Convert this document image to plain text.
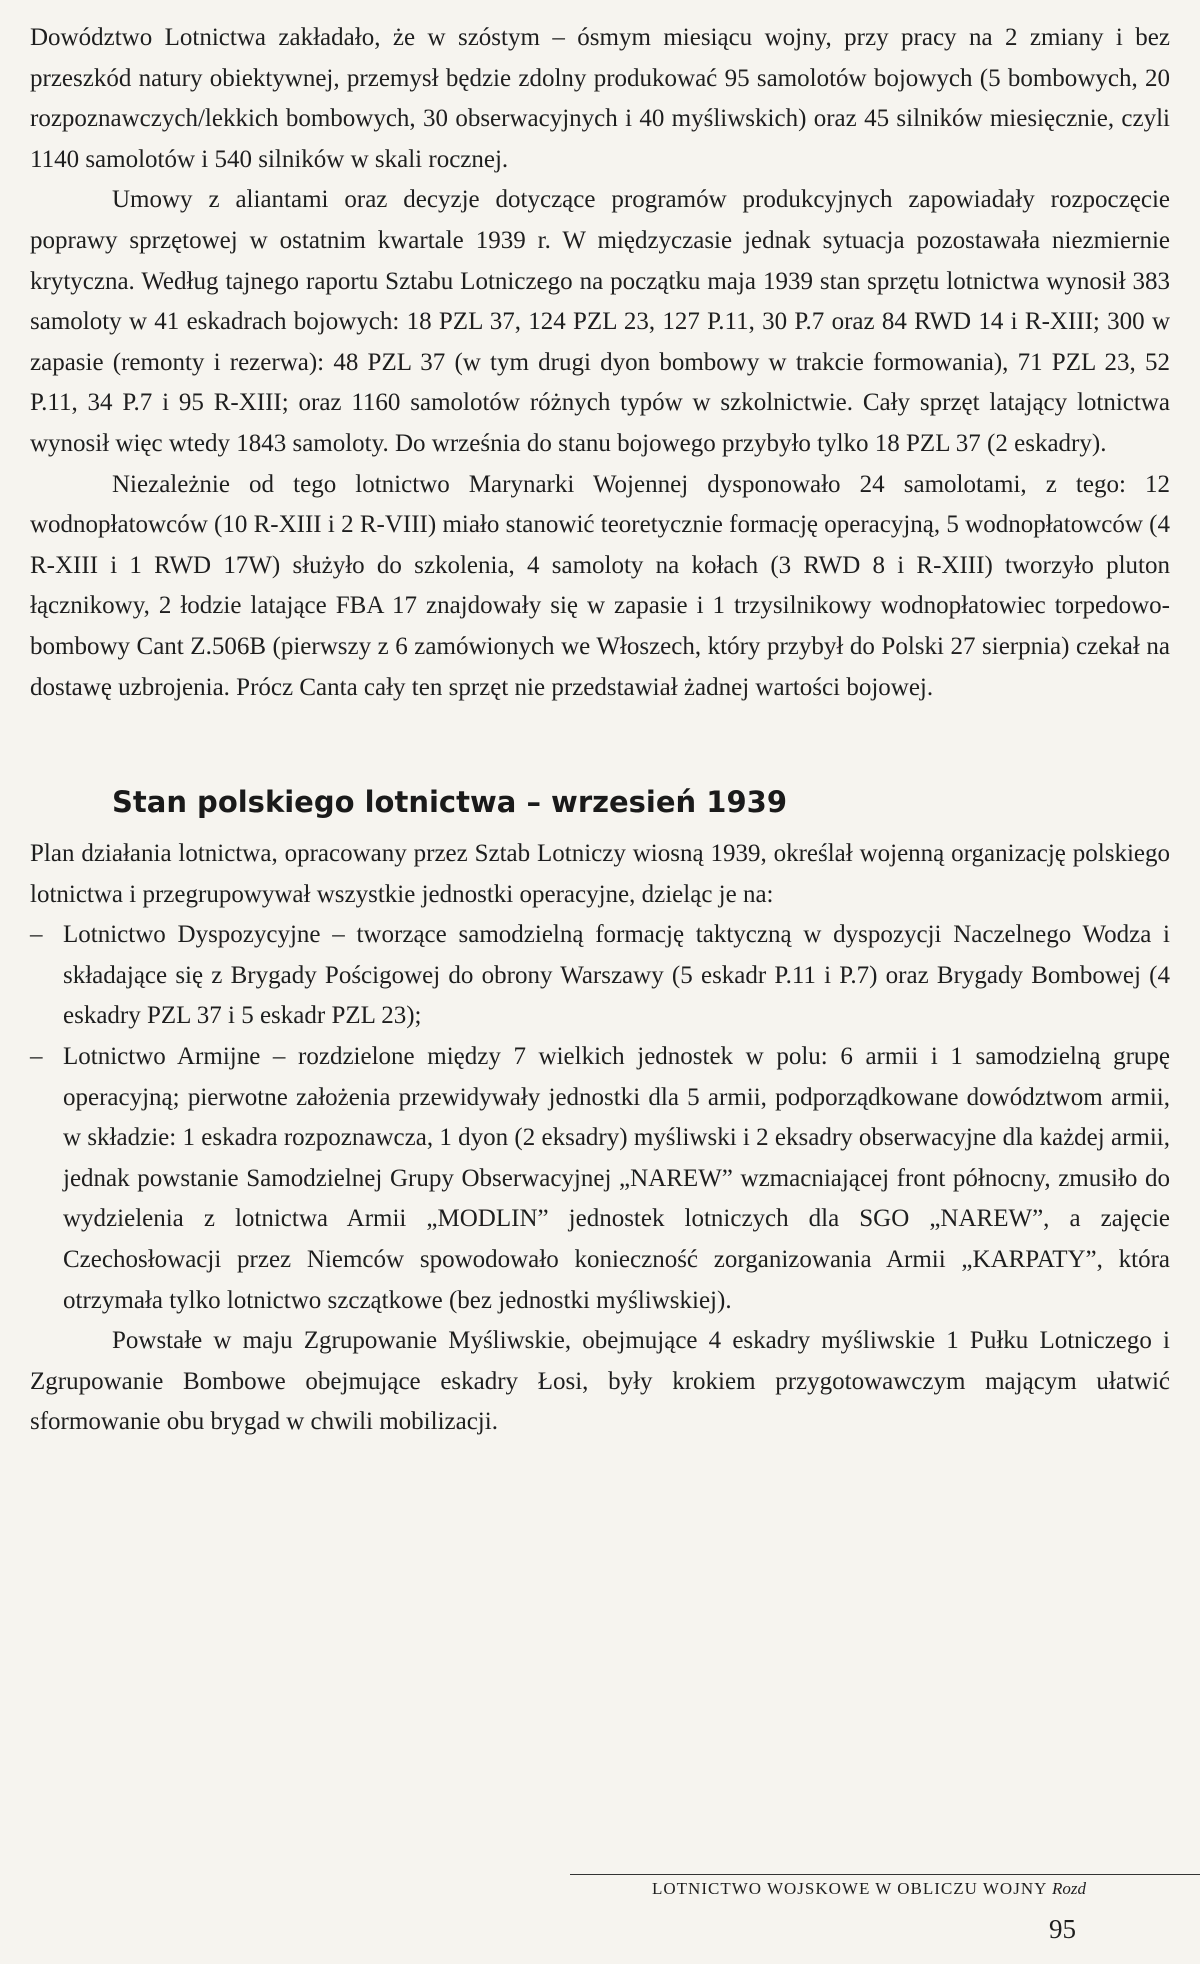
Dowództwo Lotnictwa zakładało, że w szóstym – ósmym miesiącu wojny, przy pracy na 2 zmiany i bez przeszkód natury obiektywnej, przemysł będzie zdolny produkować 95 samolotów bojowych (5 bombowych, 20 rozpoznawczych/lekkich bombowych, 30 obserwacyjnych i 40 myśliwskich) oraz 45 silników miesięcznie, czyli 1140 samolotów i 540 silników w skali rocznej.

Umowy z aliantami oraz decyzje dotyczące programów produkcyjnych zapowiadały rozpoczęcie poprawy sprzętowej w ostatnim kwartale 1939 r. W międzyczasie jednak sytuacja pozostawała niezmiernie krytyczna. Według tajnego raportu Sztabu Lotniczego na początku maja 1939 stan sprzętu lotnictwa wynosił 383 samoloty w 41 eskadrach bojowych: 18 PZL 37, 124 PZL 23, 127 P.11, 30 P.7 oraz 84 RWD 14 i R-XIII; 300 w zapasie (remonty i rezerwa): 48 PZL 37 (w tym drugi dyon bombowy w trakcie formowania), 71 PZL 23, 52 P.11, 34 P.7 i 95 R-XIII; oraz 1160 samolotów różnych typów w szkolnictwie. Cały sprzęt latający lotnictwa wynosił więc wtedy 1843 samoloty. Do września do stanu bojowego przybyło tylko 18 PZL 37 (2 eskadry).

Niezależnie od tego lotnictwo Marynarki Wojennej dysponowało 24 samolotami, z tego: 12 wodnopłatowców (10 R-XIII i 2 R-VIII) miało stanowić teoretycznie formację operacyjną, 5 wodnopłatowców (4 R-XIII i 1 RWD 17W) służyło do szkolenia, 4 samoloty na kołach (3 RWD 8 i R-XIII) tworzyło pluton łącznikowy, 2 łodzie latające FBA 17 znajdowały się w zapasie i 1 trzysilnikowy wodnopłatowiec torpedowo-bombowy Cant Z.506B (pierwszy z 6 zamówionych we Włoszech, który przybył do Polski 27 sierpnia) czekał na dostawę uzbrojenia. Prócz Canta cały ten sprzęt nie przedstawiał żadnej wartości bojowej.

Stan polskiego lotnictwa – wrzesień 1939

Plan działania lotnictwa, opracowany przez Sztab Lotniczy wiosną 1939, określał wojenną organizację polskiego lotnictwa i przegrupowywał wszystkie jednostki operacyjne, dzieląc je na:

– Lotnictwo Dyspozycyjne – tworzące samodzielną formację taktyczną w dyspozycji Naczelnego Wodza i składające się z Brygady Pościgowej do obrony Warszawy (5 eskadr P.11 i P.7) oraz Brygady Bombowej (4 eskadry PZL 37 i 5 eskadr PZL 23);
– Lotnictwo Armijne – rozdzielone między 7 wielkich jednostek w polu: 6 armii i 1 samodzielną grupę operacyjną; pierwotne założenia przewidywały jednostki dla 5 armii, podporządkowane dowództwom armii, w składzie: 1 eskadra rozpoznawcza, 1 dyon (2 eksadry) myśliwski i 2 eksadry obserwacyjne dla każdej armii, jednak powstanie Samodzielnej Grupy Obserwacyjnej „NAREW” wzmacniającej front północny, zmusiło do wydzielenia z lotnictwa Armii „MODLIN” jednostek lotniczych dla SGO „NAREW”, a zajęcie Czechosłowacji przez Niemców spowodowało konieczność zorganizowania Armii „KARPATY”, która otrzymała tylko lotnictwo szczątkowe (bez jednostki myśliwskiej).

Powstałe w maju Zgrupowanie Myśliwskie, obejmujące 4 eskadry myśliwskie 1 Pułku Lotniczego i Zgrupowanie Bombowe obejmujące eskadry Łosi, były krokiem przygotowawczym mającym ułatwić sformowanie obu brygad w chwili mobilizacji.

LOTNICTWO WOJSKOWE W OBLICZU WOJNY Rozd
95
